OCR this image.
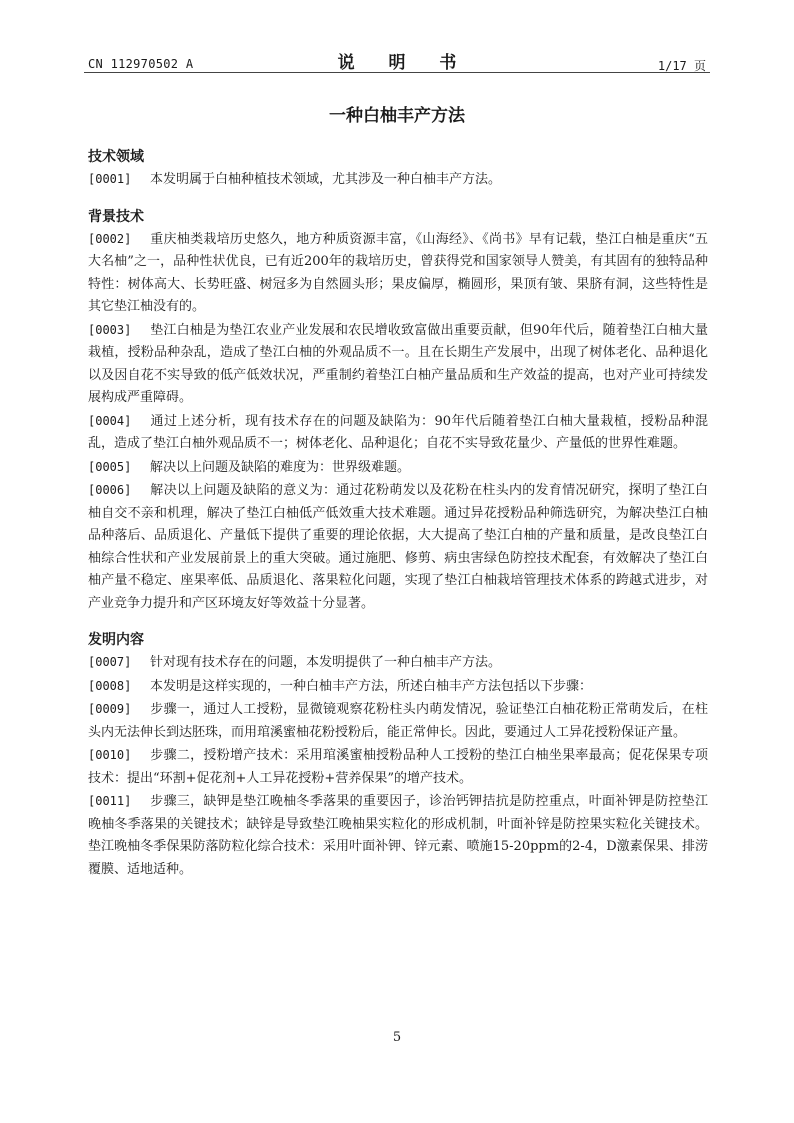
CN 112970502 A	说 明 书	1/17 页
一种白柚丰产方法
技术领域

[0001] 本发明属于白柚种植技术领域，尤其涉及一种白柚丰产方法。

背景技术

[0002] 重庆柚类栽培历史悠久，地方种质资源丰富，《山海经》、《尚书》早有记载，垫江白柚是重庆“五大名柚”之一，品种性状优良，已有近200年的栽培历史，曾获得党和国家领导人赞美，有其固有的独特品种特性：树体高大、长势旺盛、树冠多为自然圆头形；果皮偏厚，椭圆形，果顶有皱、果脐有洞，这些特性是其它垫江柚没有的。

[0003] 垫江白柚是为垫江农业产业发展和农民增收致富做出重要贡献，但90年代后，随着垫江白柚大量栽植，授粉品种杂乱，造成了垫江白柚的外观品质不一。且在长期生产发展中，出现了树体老化、品种退化以及因自花不实导致的低产低效状况，严重制约着垫江白柚产量品质和生产效益的提高，也对产业可持续发展构成严重障碍。

[0004] 通过上述分析，现有技术存在的问题及缺陷为：90年代后随着垫江白柚大量栽植，授粉品种混乱，造成了垫江白柚外观品质不一；树体老化、品种退化；自花不实导致花量少、产量低的世界性难题。

[0005] 解决以上问题及缺陷的难度为：世界级难题。

[0006] 解决以上问题及缺陷的意义为：通过花粉萌发以及花粉在柱头内的发育情况研究，探明了垫江白柚自交不亲和机理，解决了垫江白柚低产低效重大技术难题。通过异花授粉品种筛选研究，为解决垫江白柚品种落后、品质退化、产量低下提供了重要的理论依据，大大提高了垫江白柚的产量和质量，是改良垫江白柚综合性状和产业发展前景上的重大突破。通过施肥、修剪、病虫害绿色防控技术配套，有效解决了垫江白柚产量不稳定、座果率低、品质退化、落果粒化问题，实现了垫江白柚栽培管理技术体系的跨越式进步，对产业竞争力提升和产区环境友好等效益十分显著。

发明内容

[0007] 针对现有技术存在的问题，本发明提供了一种白柚丰产方法。

[0008] 本发明是这样实现的，一种白柚丰产方法，所述白柚丰产方法包括以下步骤：

[0009] 步骤一，通过人工授粉，显微镜观察花粉柱头内萌发情况，验证垫江白柚花粉正常萌发后，在柱头内无法伸长到达胚珠，而用琯溪蜜柚花粉授粉后，能正常伸长。因此，要通过人工异花授粉保证产量。

[0010] 步骤二，授粉增产技术：采用琯溪蜜柚授粉品种人工授粉的垫江白柚坐果率最高；促花保果专项技术：提出“环割+促花剂+人工异花授粉+营养保果”的增产技术。

[0011] 步骤三，缺钾是垫江晚柚冬季落果的重要因子，诊治钙钾拮抗是防控重点，叶面补钾是防控垫江晚柚冬季落果的关键技术；缺锌是导致垫江晚柚果实粒化的形成机制，叶面补锌是防控果实粒化关键技术。垫江晚柚冬季保果防落防粒化综合技术：采用叶面补钾、锌元素、喷施15-20ppm的2-4，D激素保果、排涝覆膜、适地适种。

5
